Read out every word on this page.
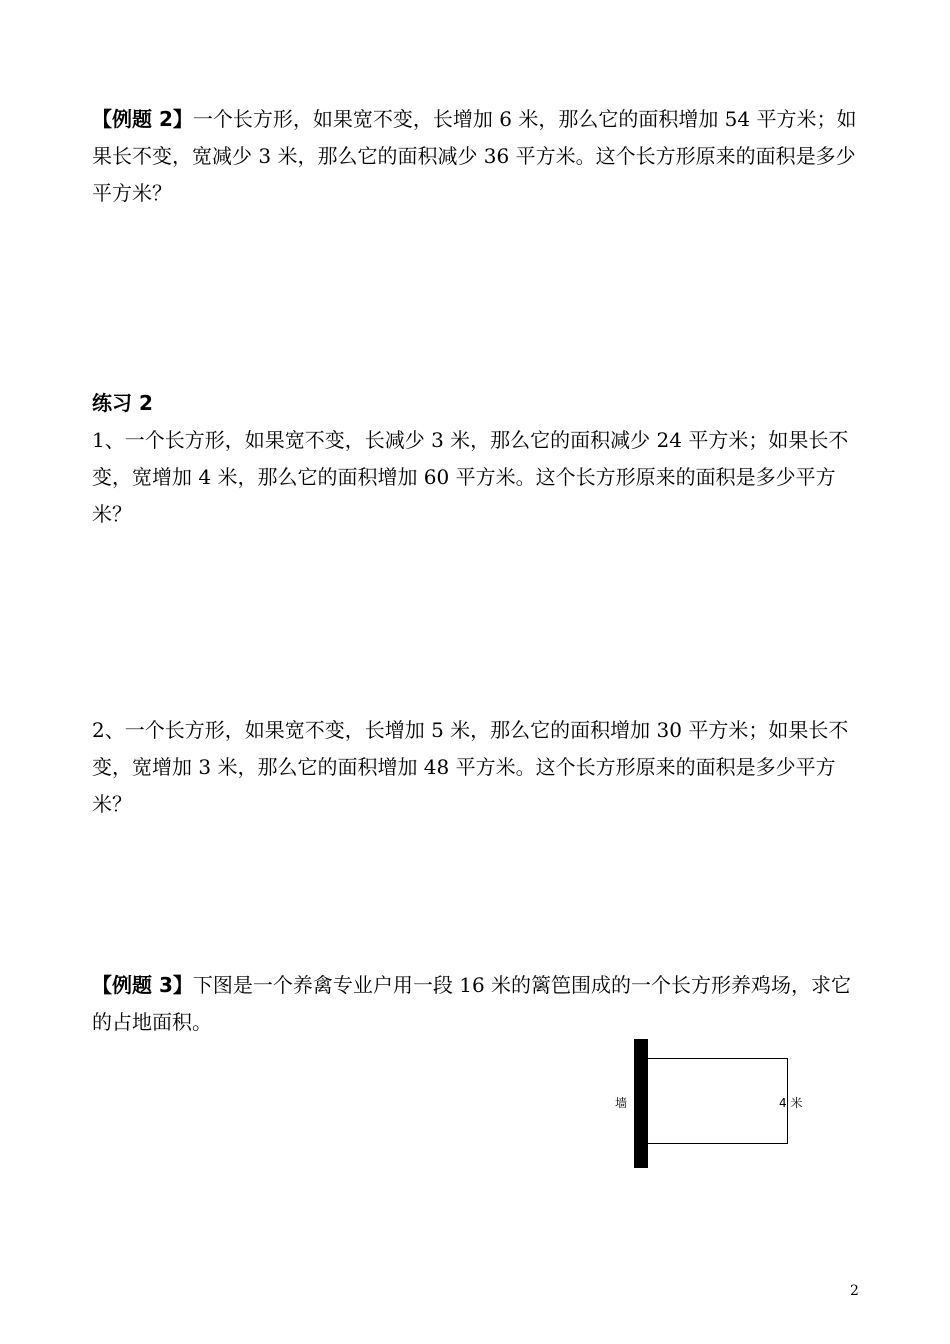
【例题 2】一个长方形，如果宽不变，长增加 6 米，那么它的面积增加 54 平方米；如果长不变，宽减少 3 米，那么它的面积减少 36 平方米。这个长方形原来的面积是多少平方米？

练习 2

1、一个长方形，如果宽不变，长减少 3 米，那么它的面积减少 24 平方米；如果长不变，宽增加 4 米，那么它的面积增加 60 平方米。这个长方形原来的面积是多少平方米？

2、一个长方形，如果宽不变，长增加 5 米，那么它的面积增加 30 平方米；如果长不变，宽增加 3 米，那么它的面积增加 48 平方米。这个长方形原来的面积是多少平方米？

【例题 3】下图是一个养禽专业户用一段 16 米的篱笆围成的一个长方形养鸡场，求它的占地面积。

墙	4 米
2
